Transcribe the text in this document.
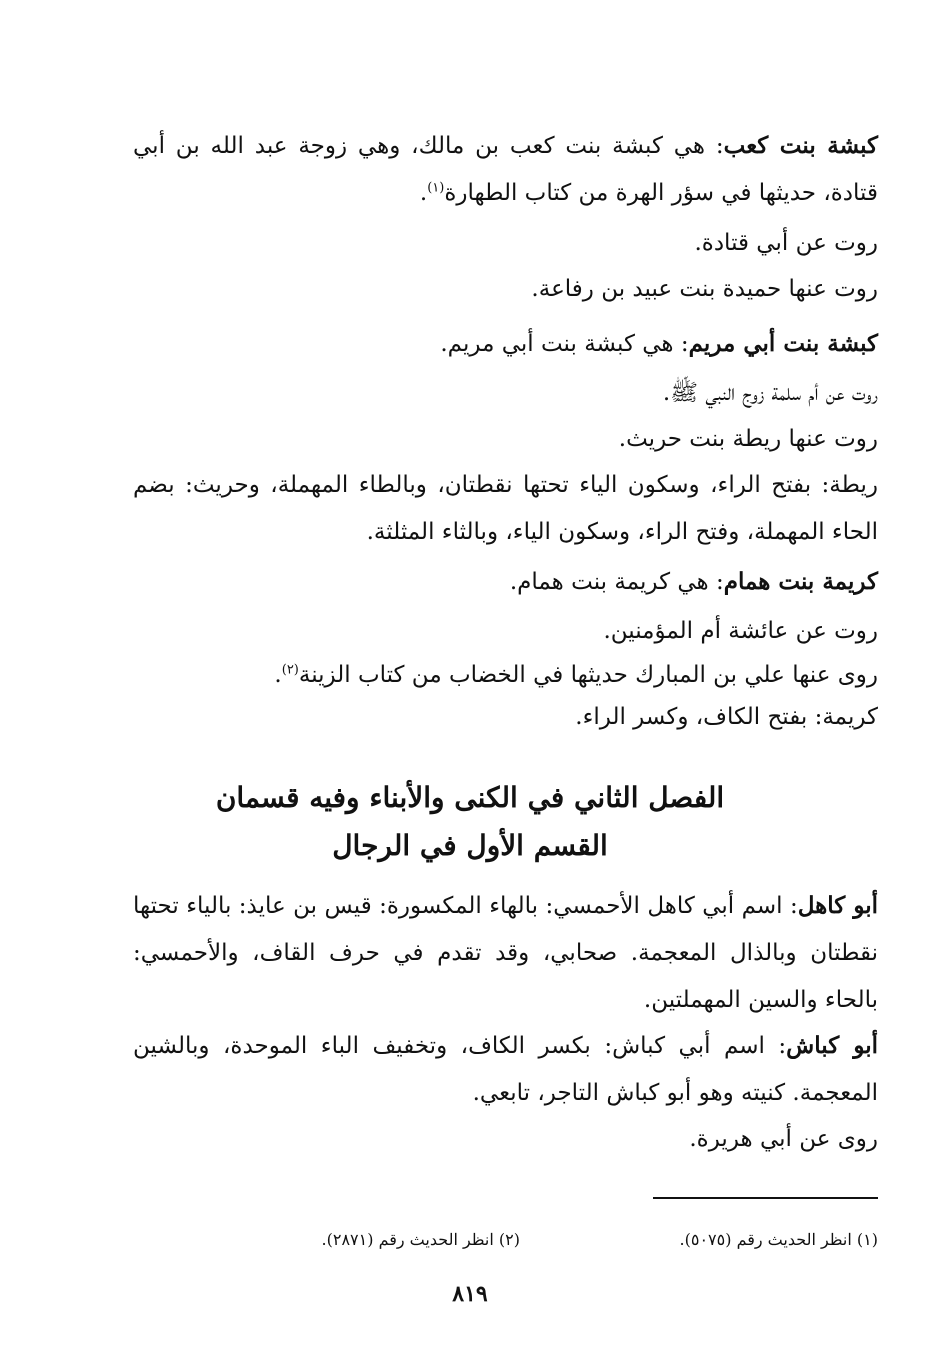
كبشة بنت كعب: هي كبشة بنت كعب بن مالك، وهي زوجة عبد الله بن أبي قتادة، حديثها في سؤر الهرة من كتاب الطهارة$^{(١)}$.
روت عن أبي قتادة.
روت عنها حميدة بنت عبيد بن رفاعة.
كبشة بنت أبي مريم: هي كبشة بنت أبي مريم.
روت عن أم سلمة زوج النبي ﷺ.
روت عنها ريطة بنت حريث.
ريطة: بفتح الراء، وسكون الياء تحتها نقطتان، وبالطاء المهملة، وحريث: بضم الحاء المهملة، وفتح الراء، وسكون الياء، وبالثاء المثلثة.
كريمة بنت همام: هي كريمة بنت همام.
روت عن عائشة أم المؤمنين.
روى عنها علي بن المبارك حديثها في الخضاب من كتاب الزينة$^{(٢)}$.
كريمة: بفتح الكاف، وكسر الراء.
الفصل الثاني في الكنى والأبناء وفيه قسمان
القسم الأول في الرجال
أبو كاهل: اسم أبي كاهل الأحمسي: بالهاء المكسورة: قيس بن عايذ: بالياء تحتها نقطتان وبالذال المعجمة. صحابي، وقد تقدم في حرف القاف، والأحمسي: بالحاء والسين المهملتين.
أبو كباش: اسم أبي كباش: بكسر الكاف، وتخفيف الباء الموحدة، وبالشين المعجمة. كنيته وهو أبو كباش التاجر، تابعي.
روى عن أبي هريرة.
(١) انظر الحديث رقم (٥٠٧٥).
(٢) انظر الحديث رقم (٢٨٧١).
٨١٩
